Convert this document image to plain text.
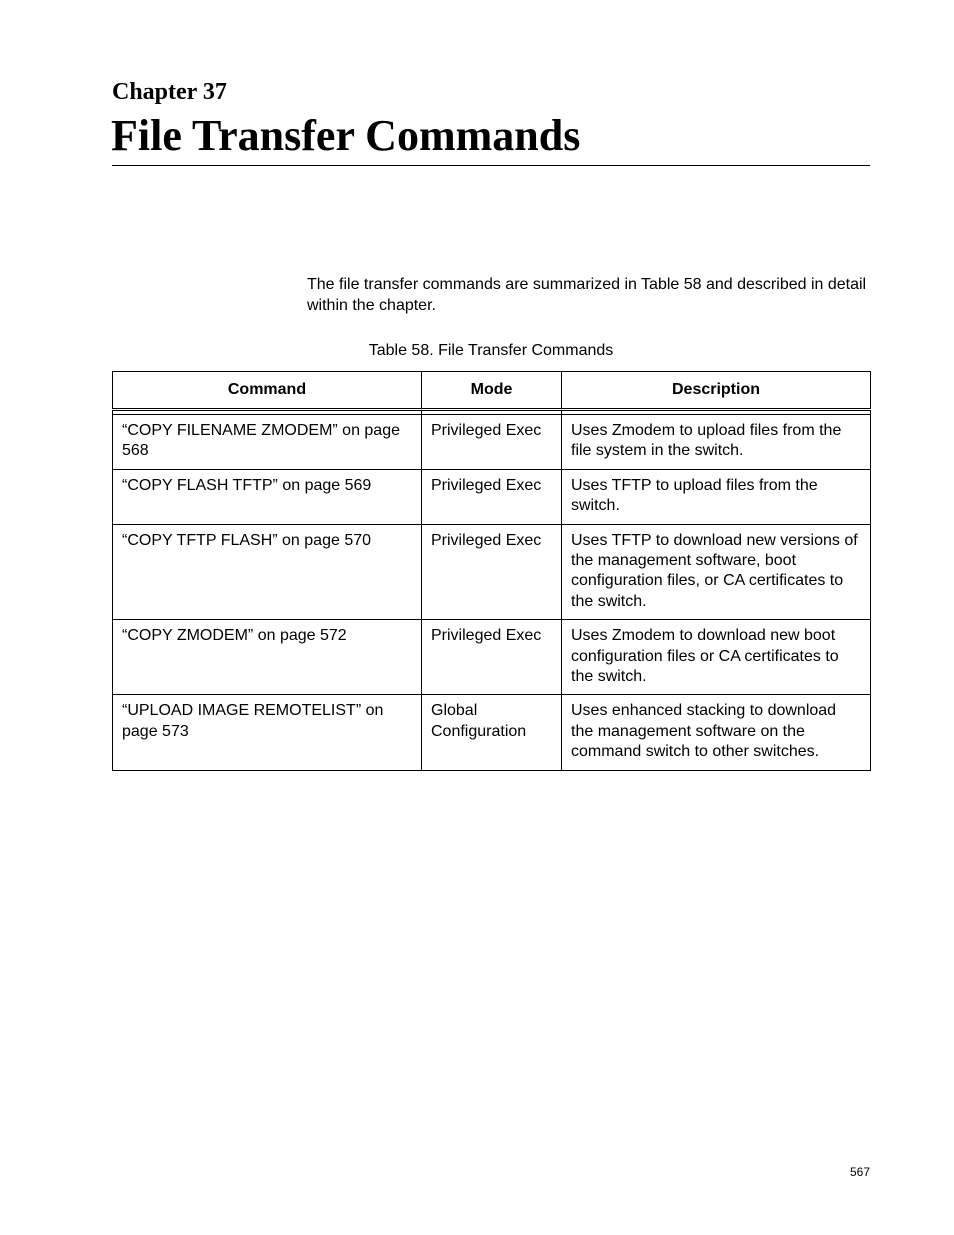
Chapter 37
File Transfer Commands

The file transfer commands are summarized in Table 58 and described in detail within the chapter.

Table 58. File Transfer Commands

Command	Mode	Description

“COPY FILENAME ZMODEM” on page 568	Privileged Exec	Uses Zmodem to upload files from the file system in the switch.
“COPY FLASH TFTP” on page 569	Privileged Exec	Uses TFTP to upload files from the switch.
“COPY TFTP FLASH” on page 570	Privileged Exec	Uses TFTP to download new versions of the management software, boot configuration files, or CA certificates to the switch.
“COPY ZMODEM” on page 572	Privileged Exec	Uses Zmodem to download new boot configuration files or CA certificates to the switch.
“UPLOAD IMAGE REMOTELIST” on page 573	Global Configuration	Uses enhanced stacking to download the management software on the command switch to other switches.

567
